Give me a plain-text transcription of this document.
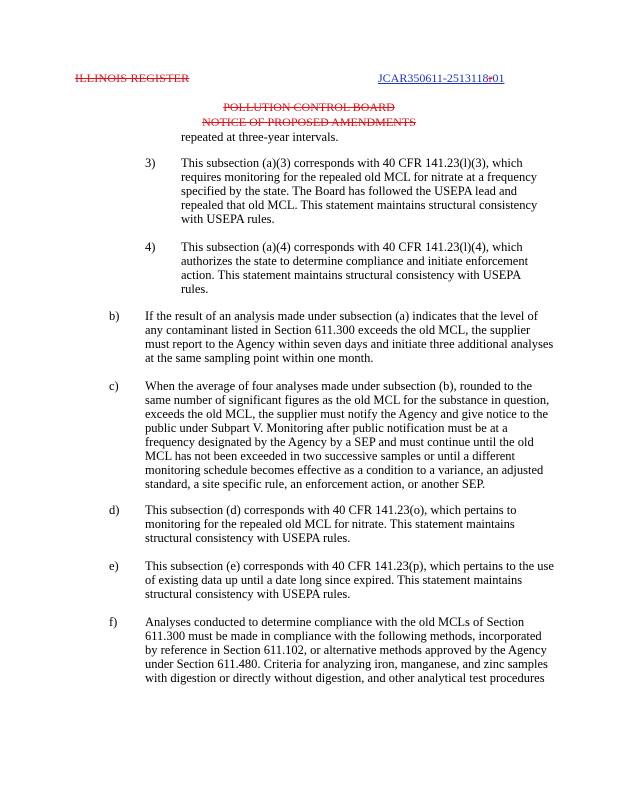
ILLINOIS REGISTER	JCAR350611-2513118r01
POLLUTION CONTROL BOARD
NOTICE OF PROPOSED AMENDMENTS
repeated at three-year intervals.
3) This subsection (a)(3) corresponds with 40 CFR 141.23(l)(3), which
requires monitoring for the repealed old MCL for nitrate at a frequency
specified by the state. The Board has followed the USEPA lead and
repealed that old MCL. This statement maintains structural consistency
with USEPA rules.
4) This subsection (a)(4) corresponds with 40 CFR 141.23(l)(4), which
authorizes the state to determine compliance and initiate enforcement
action. This statement maintains structural consistency with USEPA
rules.
b) If the result of an analysis made under subsection (a) indicates that the level of
any contaminant listed in Section 611.300 exceeds the old MCL, the supplier
must report to the Agency within seven days and initiate three additional analyses
at the same sampling point within one month.
c) When the average of four analyses made under subsection (b), rounded to the
same number of significant figures as the old MCL for the substance in question,
exceeds the old MCL, the supplier must notify the Agency and give notice to the
public under Subpart V. Monitoring after public notification must be at a
frequency designated by the Agency by a SEP and must continue until the old
MCL has not been exceeded in two successive samples or until a different
monitoring schedule becomes effective as a condition to a variance, an adjusted
standard, a site specific rule, an enforcement action, or another SEP.
d) This subsection (d) corresponds with 40 CFR 141.23(o), which pertains to
monitoring for the repealed old MCL for nitrate. This statement maintains
structural consistency with USEPA rules.
e) This subsection (e) corresponds with 40 CFR 141.23(p), which pertains to the use
of existing data up until a date long since expired. This statement maintains
structural consistency with USEPA rules.
f) Analyses conducted to determine compliance with the old MCLs of Section
611.300 must be made in compliance with the following methods, incorporated
by reference in Section 611.102, or alternative methods approved by the Agency
under Section 611.480. Criteria for analyzing iron, manganese, and zinc samples
with digestion or directly without digestion, and other analytical test procedures
